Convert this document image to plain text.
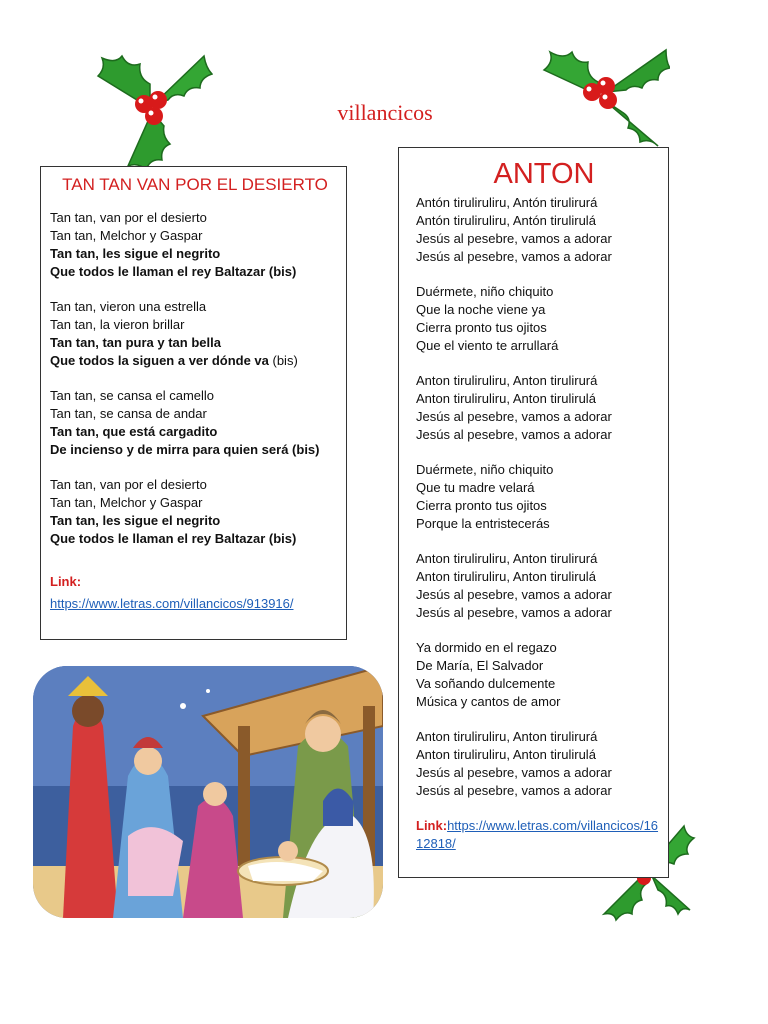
villancicos
TAN TAN VAN POR EL DESIERTO
Tan tan, van por el desierto
Tan tan, Melchor y Gaspar
Tan tan, les sigue el negrito
Que todos le llaman el rey Baltazar (bis)
Tan tan, vieron una estrella
Tan tan, la vieron brillar
Tan tan, tan pura y tan bella
Que todos la siguen a ver dónde va (bis)
Tan tan, se cansa el camello
Tan tan, se cansa de andar
Tan tan, que está cargadito
De incienso y de mirra para quien será (bis)
Tan tan, van por el desierto
Tan tan, Melchor y Gaspar
Tan tan, les sigue el negrito
Que todos le llaman el rey Baltazar (bis)
Link:
https://www.letras.com/villancicos/913916/
ANTON
Antón tiruliruliru, Antón tirulirurá
Antón tiruliruliru, Antón tirulirulá
Jesús al pesebre, vamos a adorar
Jesús al pesebre, vamos a adorar
Duérmete, niño chiquito
Que la noche viene ya
Cierra pronto tus ojitos
Que el viento te arrullará
Anton tiruliruliru, Anton tirulirurá
Anton tiruliruliru, Anton tirulirulá
Jesús al pesebre, vamos a adorar
Jesús al pesebre, vamos a adorar
Duérmete, niño chiquito
Que tu madre velará
Cierra pronto tus ojitos
Porque la entristecerás
Anton tiruliruliru, Anton tirulirurá
Anton tiruliruliru, Anton tirulirulá
Jesús al pesebre, vamos a adorar
Jesús al pesebre, vamos a adorar
Ya dormido en el regazo
De María, El Salvador
Va soñando dulcemente
Música y cantos de amor
Anton tiruliruliru, Anton tirulirurá
Anton tiruliruliru, Anton tirulirulá
Jesús al pesebre, vamos a adorar
Jesús al pesebre, vamos a adorar
Link:https://www.letras.com/villancicos/1612818/
